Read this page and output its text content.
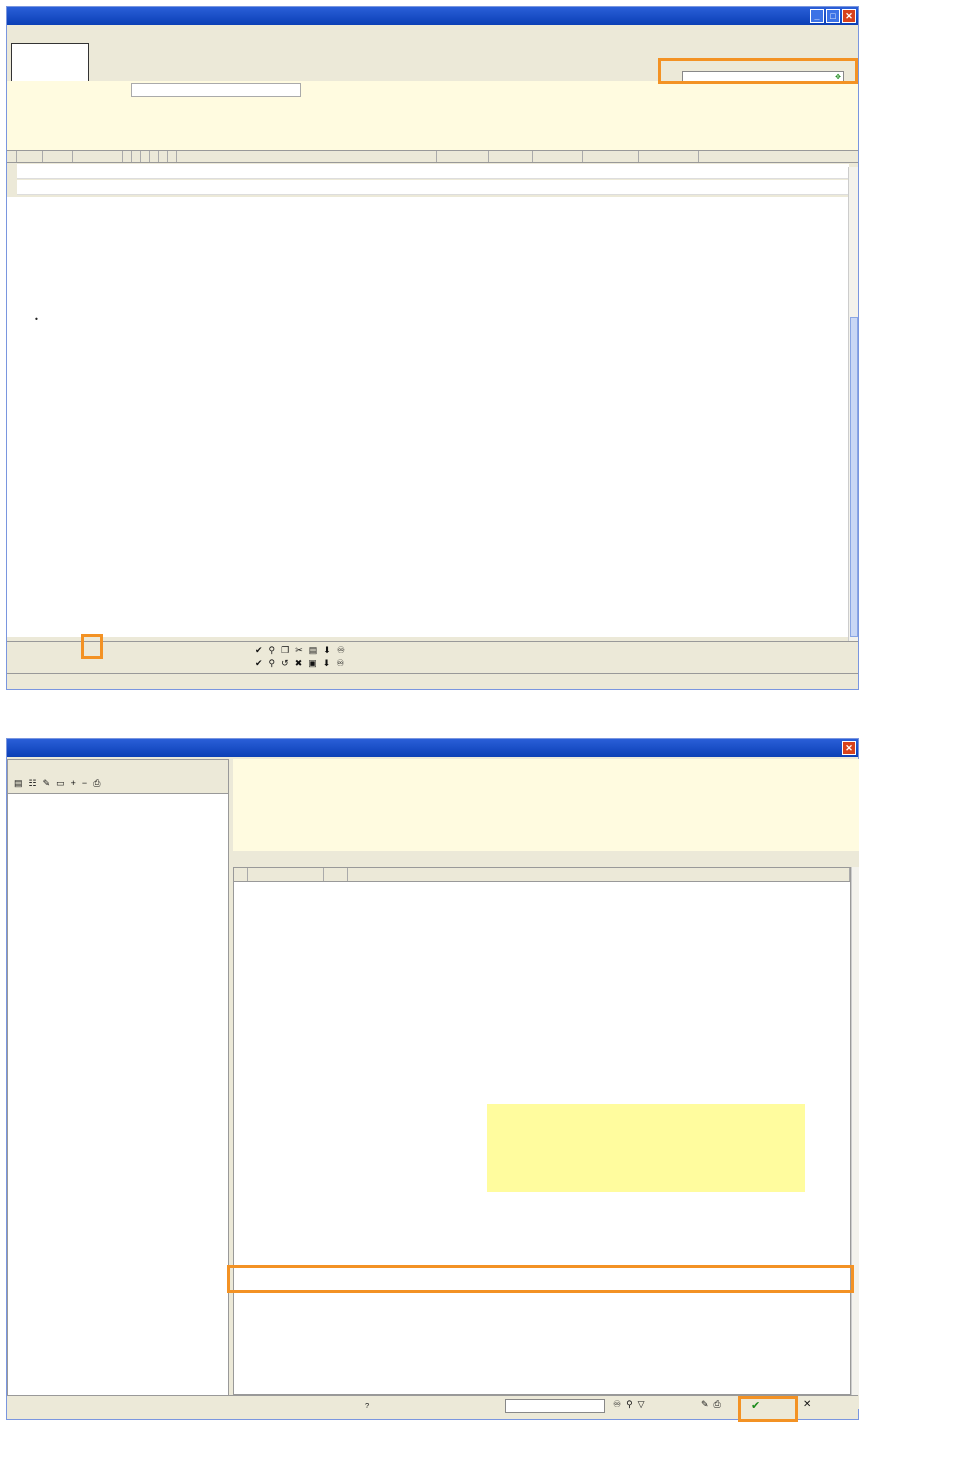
_	□	✕
✥
✔ ⚲ ❐ ✂ ▤ ⬇ ♾
✔ ⚲ ↺ ✖ ▣ ⬇ ♾

.

✕
▤ ☷ ✎ ▭ + − ⎙
?	♾ ⚲ ▽	✎ ⎙	✔	✕
